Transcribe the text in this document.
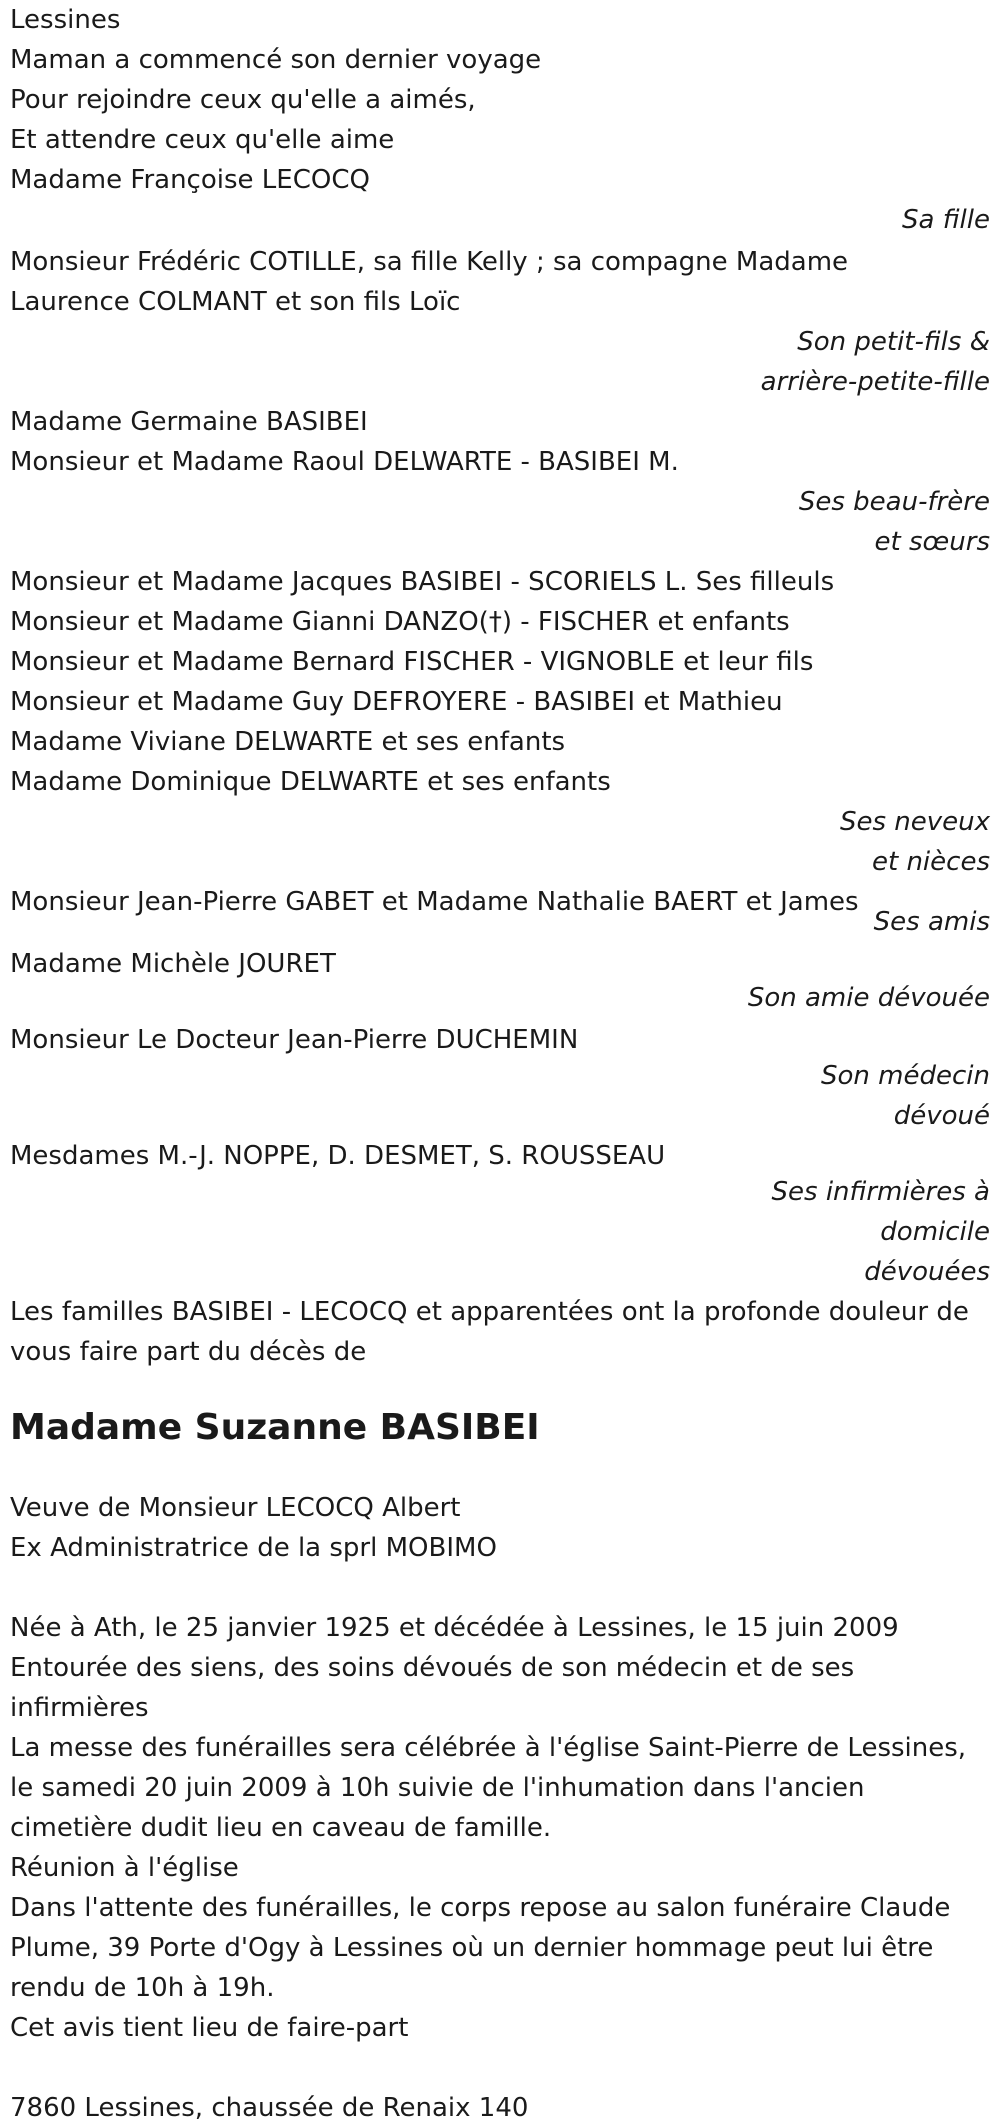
Lessines
Maman a commencé son dernier voyage
Pour rejoindre ceux qu'elle a aimés,
Et attendre ceux qu'elle aime
Madame Françoise LECOCQ
Sa fille
Monsieur Frédéric COTILLE, sa fille Kelly ; sa compagne Madame Laurence COLMANT et son fils Loïc
Son petit-fils & arrière-petite-fille
Madame Germaine BASIBEI
Monsieur et Madame Raoul DELWARTE - BASIBEI M.
Ses beau-frère et sœurs
Monsieur et Madame Jacques BASIBEI - SCORIELS L. Ses filleuls
Monsieur et Madame Gianni DANZO(†) - FISCHER et enfants
Monsieur et Madame Bernard FISCHER - VIGNOBLE et leur fils
Monsieur et Madame Guy DEFROYERE - BASIBEI et Mathieu
Madame Viviane DELWARTE et ses enfants
Madame Dominique DELWARTE et ses enfants
Ses neveux et nièces
Monsieur Jean-Pierre GABET et Madame Nathalie BAERT et James
Ses amis
Madame Michèle JOURET
Son amie dévouée
Monsieur Le Docteur Jean-Pierre DUCHEMIN
Son médecin dévoué
Mesdames M.-J. NOPPE, D. DESMET, S. ROUSSEAU
Ses infirmières à domicile dévouées
Les familles BASIBEI - LECOCQ et apparentées ont la profonde douleur de vous faire part du décès de
Madame Suzanne BASIBEI
Veuve de Monsieur LECOCQ Albert
Ex Administratrice de la sprl MOBIMO
Née à Ath, le 25 janvier 1925 et décédée à Lessines, le 15 juin 2009
Entourée des siens, des soins dévoués de son médecin et de ses infirmières
La messe des funérailles sera célébrée à l'église Saint-Pierre de Lessines, le samedi 20 juin 2009 à 10h suivie de l'inhumation dans l'ancien cimetière dudit lieu en caveau de famille.
Réunion à l'église
Dans l'attente des funérailles, le corps repose au salon funéraire Claude Plume, 39 Porte d'Ogy à Lessines où un dernier hommage peut lui être rendu de 10h à 19h.
Cet avis tient lieu de faire-part
7860 Lessines, chaussée de Renaix 140
